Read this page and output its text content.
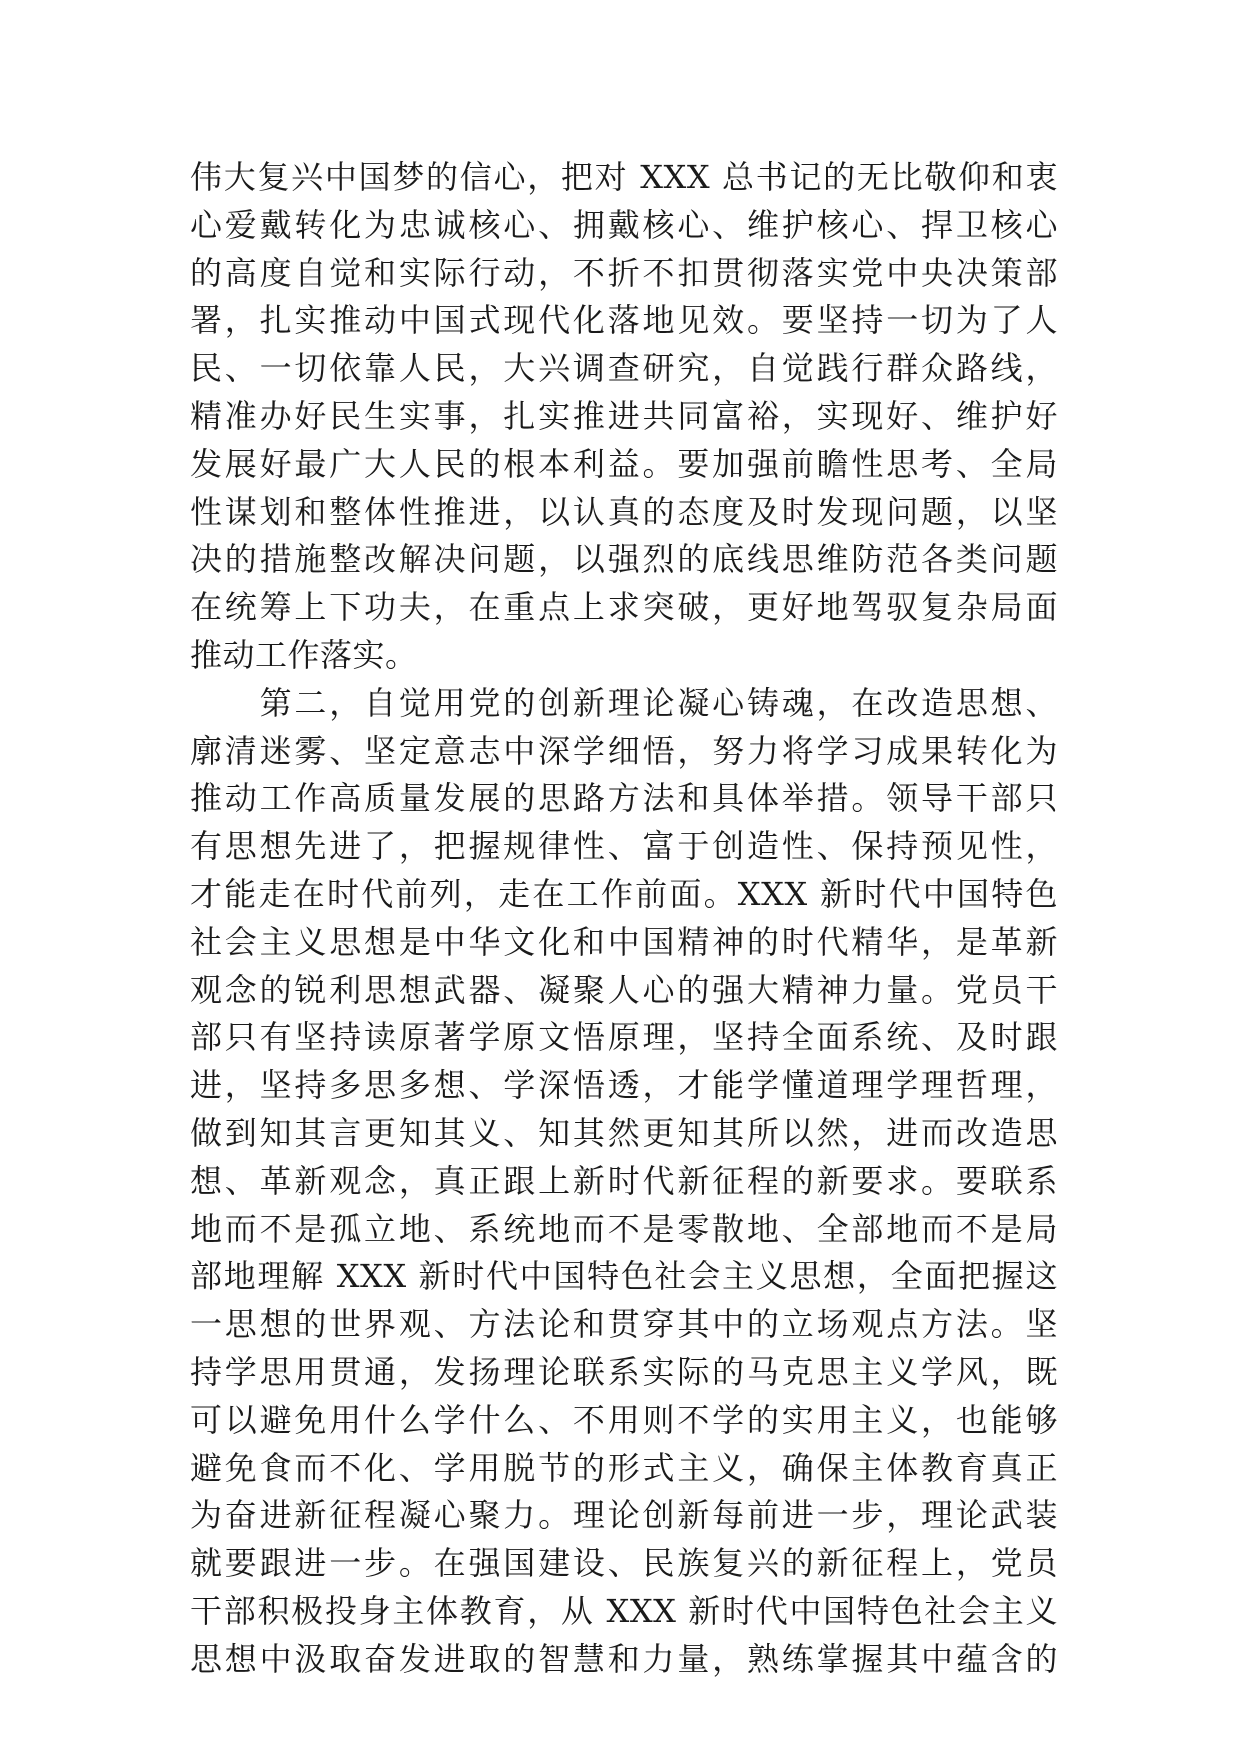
伟大复兴中国梦的信心，把对 XXX 总书记的无比敬仰和衷
心爱戴转化为忠诚核心、拥戴核心、维护核心、捍卫核心
的高度自觉和实际行动，不折不扣贯彻落实党中央决策部
署，扎实推动中国式现代化落地见效。要坚持一切为了人
民、一切依靠人民，大兴调查研究，自觉践行群众路线，
精准办好民生实事，扎实推进共同富裕，实现好、维护好
发展好最广大人民的根本利益。要加强前瞻性思考、全局
性谋划和整体性推进，以认真的态度及时发现问题，以坚
决的措施整改解决问题，以强烈的底线思维防范各类问题
在统筹上下功夫，在重点上求突破，更好地驾驭复杂局面
推动工作落实。
　　第二，自觉用党的创新理论凝心铸魂，在改造思想、
廓清迷雾、坚定意志中深学细悟，努力将学习成果转化为
推动工作高质量发展的思路方法和具体举措。领导干部只
有思想先进了，把握规律性、富于创造性、保持预见性，
才能走在时代前列，走在工作前面。XXX 新时代中国特色
社会主义思想是中华文化和中国精神的时代精华，是革新
观念的锐利思想武器、凝聚人心的强大精神力量。党员干
部只有坚持读原著学原文悟原理，坚持全面系统、及时跟
进，坚持多思多想、学深悟透，才能学懂道理学理哲理，
做到知其言更知其义、知其然更知其所以然，进而改造思
想、革新观念，真正跟上新时代新征程的新要求。要联系
地而不是孤立地、系统地而不是零散地、全部地而不是局
部地理解 XXX 新时代中国特色社会主义思想，全面把握这
一思想的世界观、方法论和贯穿其中的立场观点方法。坚
持学思用贯通，发扬理论联系实际的马克思主义学风，既
可以避免用什么学什么、不用则不学的实用主义，也能够
避免食而不化、学用脱节的形式主义，确保主体教育真正
为奋进新征程凝心聚力。理论创新每前进一步，理论武装
就要跟进一步。在强国建设、民族复兴的新征程上，党员
干部积极投身主体教育，从 XXX 新时代中国特色社会主义
思想中汲取奋发进取的智慧和力量，熟练掌握其中蕴含的
